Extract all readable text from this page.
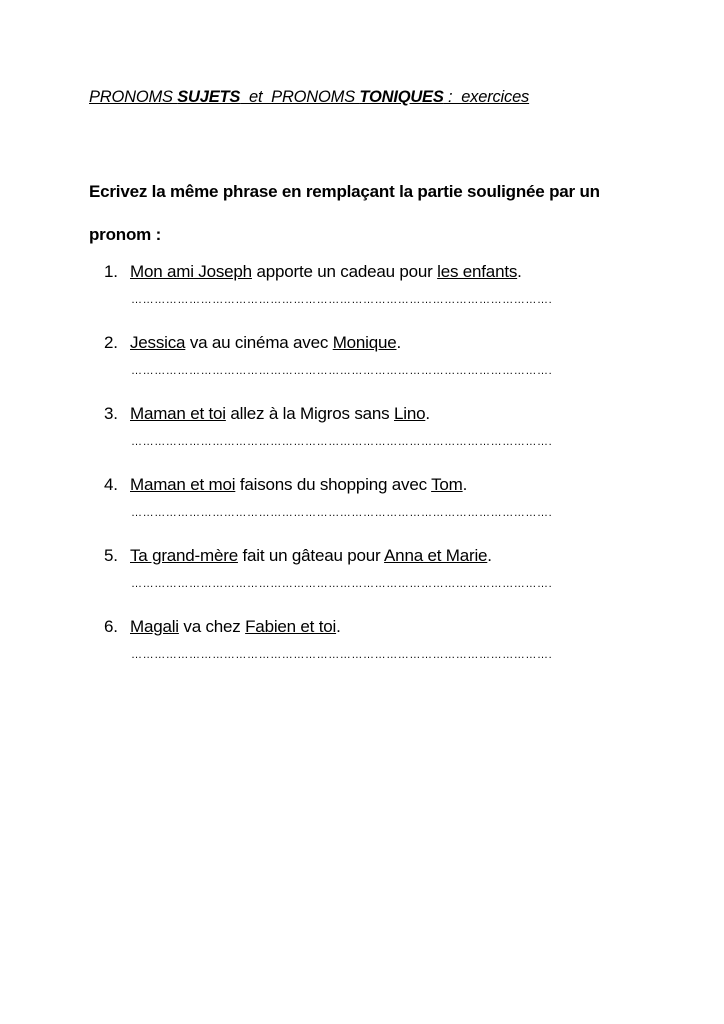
PRONOMS SUJETS  et  PRONOMS TONIQUES :  exercices
Ecrivez la même phrase en remplaçant la partie soulignée par un pronom :
1. Mon ami Joseph apporte un cadeau pour les enfants.
……………………………………………………………………………………………….
2. Jessica va au cinéma avec Monique.
……………………………………………………………………………………………….
3. Maman et toi allez à la Migros sans Lino.
……………………………………………………………………………………………….
4. Maman et moi faisons du shopping avec Tom.
……………………………………………………………………………………………….
5. Ta grand-mère fait un gâteau pour Anna et Marie.
……………………………………………………………………………………………….
6. Magali va chez Fabien et toi.
……………………………………………………………………………………………….
